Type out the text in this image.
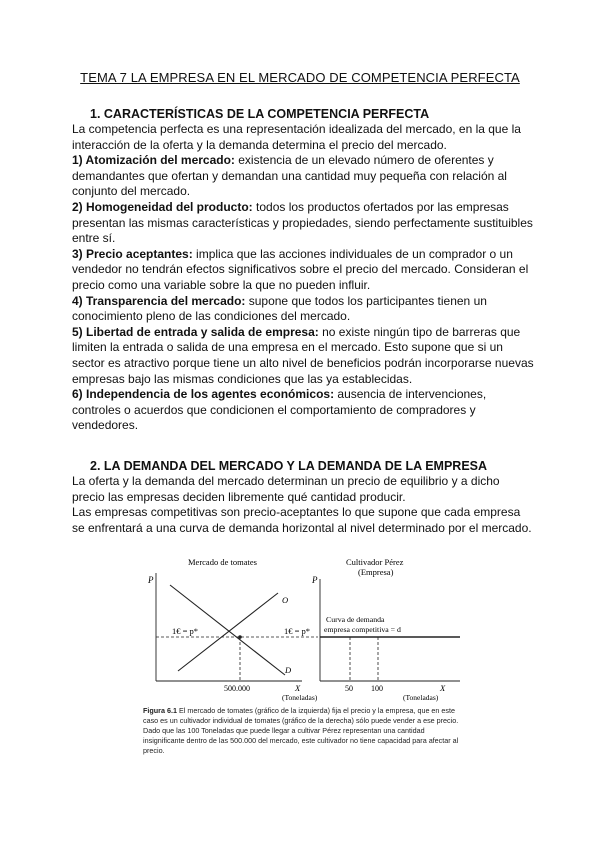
TEMA 7 LA EMPRESA EN EL MERCADO DE COMPETENCIA PERFECTA
1. CARACTERÍSTICAS DE LA COMPETENCIA PERFECTA
La competencia perfecta es una representación idealizada del mercado, en la que la interacción de la oferta y la demanda determina el precio del mercado.
1) Atomización del mercado: existencia de un elevado número de oferentes y demandantes que ofertan y demandan una cantidad muy pequeña con relación al conjunto del mercado.
2) Homogeneidad del producto: todos los productos ofertados por las empresas presentan las mismas características y propiedades, siendo perfectamente sustituibles entre sí.
3) Precio aceptantes: implica que las acciones individuales de un comprador o un vendedor no tendrán efectos significativos sobre el precio del mercado. Consideran el precio como una variable sobre la que no pueden influir.
4) Transparencia del mercado: supone que todos los participantes tienen un conocimiento pleno de las condiciones del mercado.
5) Libertad de entrada y salida de empresa: no existe ningún tipo de barreras que limiten la entrada o salida de una empresa en el mercado. Esto supone que si un sector es atractivo porque tiene un alto nivel de beneficios podrán incorporarse nuevas empresas bajo las mismas condiciones que las ya establecidas.
6) Independencia de los agentes económicos: ausencia de intervenciones, controles o acuerdos que condicionen el comportamiento de compradores y vendedores.
2. LA DEMANDA DEL MERCADO Y LA DEMANDA DE LA EMPRESA
La oferta y la demanda del mercado determinan un precio de equilibrio y a dicho precio las empresas deciden libremente qué cantidad producir.
Las empresas competitivas son precio-aceptantes lo que supone que cada empresa se enfrentará a una curva de demanda horizontal al nivel determinado por el mercado.
Mercado de tomates
P
O
D
1€ = p*
500.000	X
(Toneladas)
Cultivador Pérez
(Empresa)
P
1€ = p*
Curva de demanda
empresa competitiva = d
50 100	X
(Toneladas)
Figura 6.1 El mercado de tomates (gráfico de la izquierda) fija el precio y la empresa, que en este caso es un cultivador individual de tomates (gráfico de la derecha) sólo puede vender a ese precio. Dado que las 100 Toneladas que puede llegar a cultivar Pérez representan una cantidad insignificante dentro de las 500.000 del mercado, este cultivador no tiene capacidad para afectar al precio.
